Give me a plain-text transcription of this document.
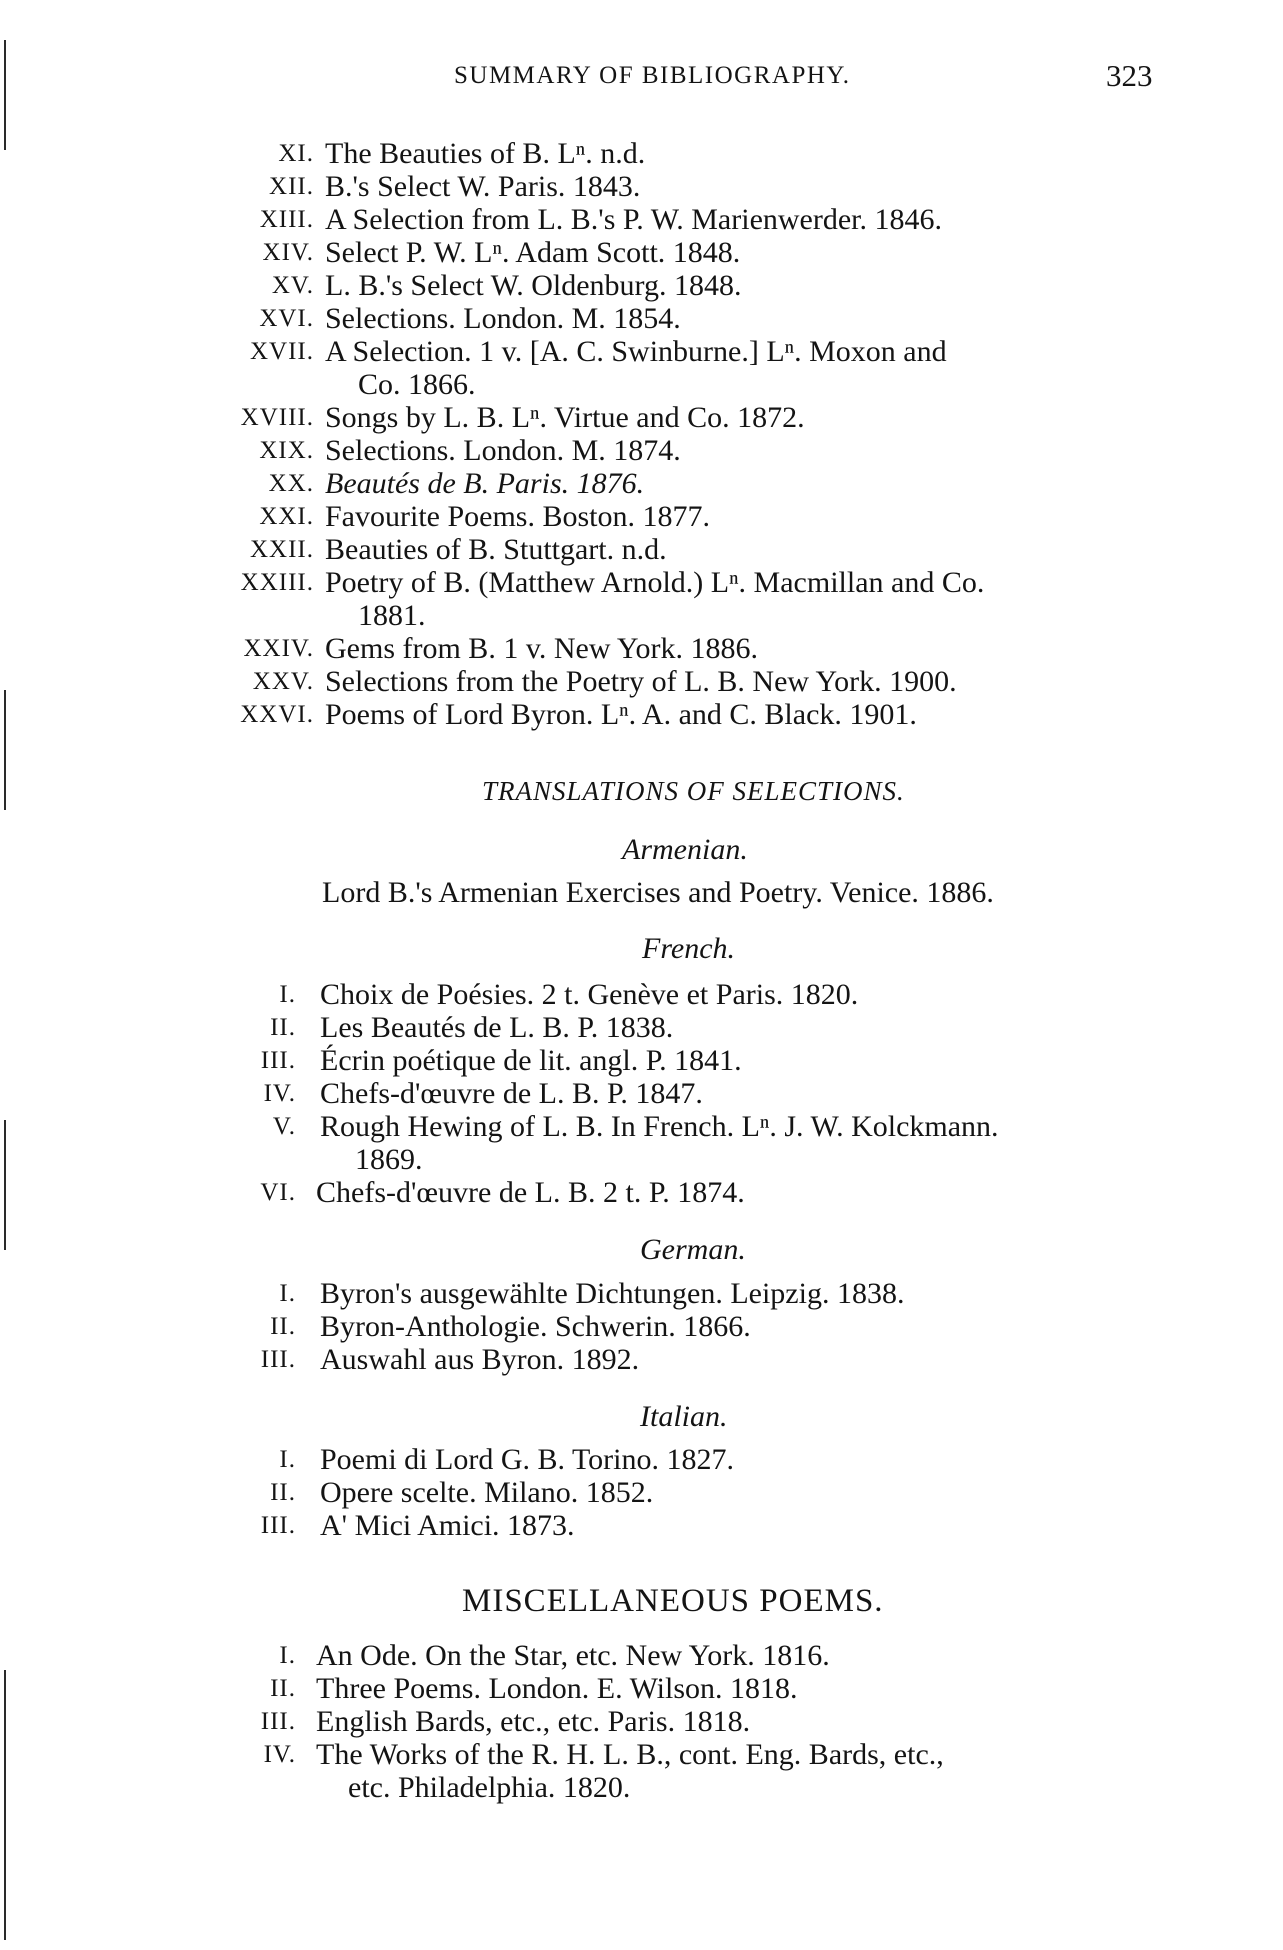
SUMMARY OF BIBLIOGRAPHY.	323
XI. The Beauties of B. Lⁿ. n.d.
XII. B.'s Select W. Paris. 1843.
XIII. A Selection from L. B.'s P. W. Marienwerder. 1846.
XIV. Select P. W. Lⁿ. Adam Scott. 1848.
XV. L. B.'s Select W. Oldenburg. 1848.
XVI. Selections. London. M. 1854.
XVII. A Selection. 1 v. [A. C. Swinburne.] Lⁿ. Moxon and
Co. 1866.
XVIII. Songs by L. B. Lⁿ. Virtue and Co. 1872.
XIX. Selections. London. M. 1874.
XX. Beautés de B. Paris. 1876.
XXI. Favourite Poems. Boston. 1877.
XXII. Beauties of B. Stuttgart. n.d.
XXIII. Poetry of B. (Matthew Arnold.) Lⁿ. Macmillan and Co.
1881.
XXIV. Gems from B. 1 v. New York. 1886.
XXV. Selections from the Poetry of L. B. New York. 1900.
XXVI. Poems of Lord Byron. Lⁿ. A. and C. Black. 1901.
TRANSLATIONS OF SELECTIONS.
Armenian.
Lord B.'s Armenian Exercises and Poetry. Venice. 1886.
French.
I. Choix de Poésies. 2 t. Genève et Paris. 1820.
II. Les Beautés de L. B. P. 1838.
III. Écrin poétique de lit. angl. P. 1841.
IV. Chefs-d'œuvre de L. B. P. 1847.
V. Rough Hewing of L. B. In French. Lⁿ. J. W. Kolckmann.
1869.
VI. Chefs-d'œuvre de L. B. 2 t. P. 1874.
German.
I. Byron's ausgewählte Dichtungen. Leipzig. 1838.
II. Byron-Anthologie. Schwerin. 1866.
III. Auswahl aus Byron. 1892.
Italian.
I. Poemi di Lord G. B. Torino. 1827.
II. Opere scelte. Milano. 1852.
III. A' Mici Amici. 1873.
MISCELLANEOUS POEMS.
I. An Ode. On the Star, etc. New York. 1816.
II. Three Poems. London. E. Wilson. 1818.
III. English Bards, etc., etc. Paris. 1818.
IV. The Works of the R. H. L. B., cont. Eng. Bards, etc.,
etc. Philadelphia. 1820.
